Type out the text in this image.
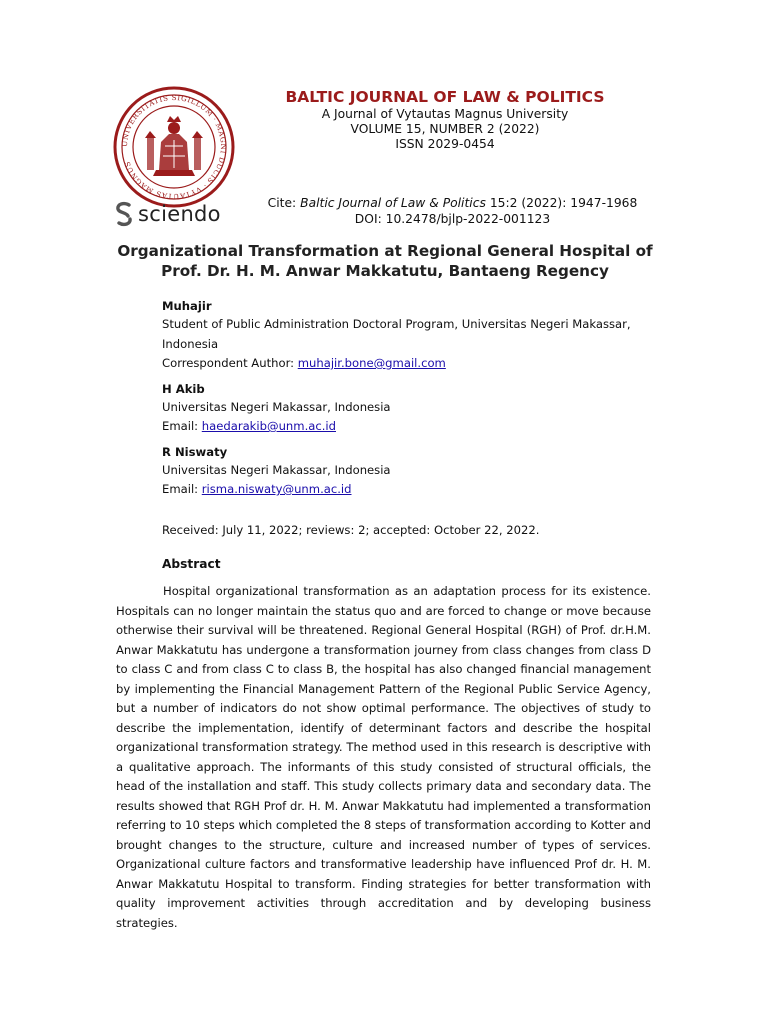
UNIVERSITATIS SIGILLUM · MAGNI DUCIS · VYTAUTAS MAGNUS
sciendo
BALTIC JOURNAL OF LAW & POLITICS
A Journal of Vytautas Magnus University
VOLUME 15, NUMBER 2 (2022)
ISSN 2029-0454
Cite: Baltic Journal of Law & Politics 15:2 (2022): 1947-1968
DOI: 10.2478/bjlp-2022-001123
Organizational Transformation at Regional General Hospital of Prof. Dr. H. M. Anwar Makkatutu, Bantaeng Regency
Muhajir
Student of Public Administration Doctoral Program, Universitas Negeri Makassar, Indonesia
Correspondent Author: muhajir.bone@gmail.com
H Akib
Universitas Negeri Makassar, Indonesia
Email: haedarakib@unm.ac.id
R Niswaty
Universitas Negeri Makassar, Indonesia
Email: risma.niswaty@unm.ac.id
Received: July 11, 2022; reviews: 2; accepted: October 22, 2022.
Abstract

Hospital organizational transformation as an adaptation process for its existence. Hospitals can no longer maintain the status quo and are forced to change or move because otherwise their survival will be threatened. Regional General Hospital (RGH) of Prof. dr.H.M. Anwar Makkatutu has undergone a transformation journey from class changes from class D to class C and from class C to class B, the hospital has also changed financial management by implementing the Financial Management Pattern of the Regional Public Service Agency, but a number of indicators do not show optimal performance. The objectives of study to describe the implementation, identify of determinant factors and describe the hospital organizational transformation strategy. The method used in this research is descriptive with a qualitative approach. The informants of this study consisted of structural officials, the head of the installation and staff. This study collects primary data and secondary data. The results showed that RGH Prof dr. H. M. Anwar Makkatutu had implemented a transformation referring to 10 steps which completed the 8 steps of transformation according to Kotter and brought changes to the structure, culture and increased number of types of services. Organizational culture factors and transformative leadership have influenced Prof dr. H. M. Anwar Makkatutu Hospital to transform. Finding strategies for better transformation with quality improvement activities through accreditation and by developing business strategies.
